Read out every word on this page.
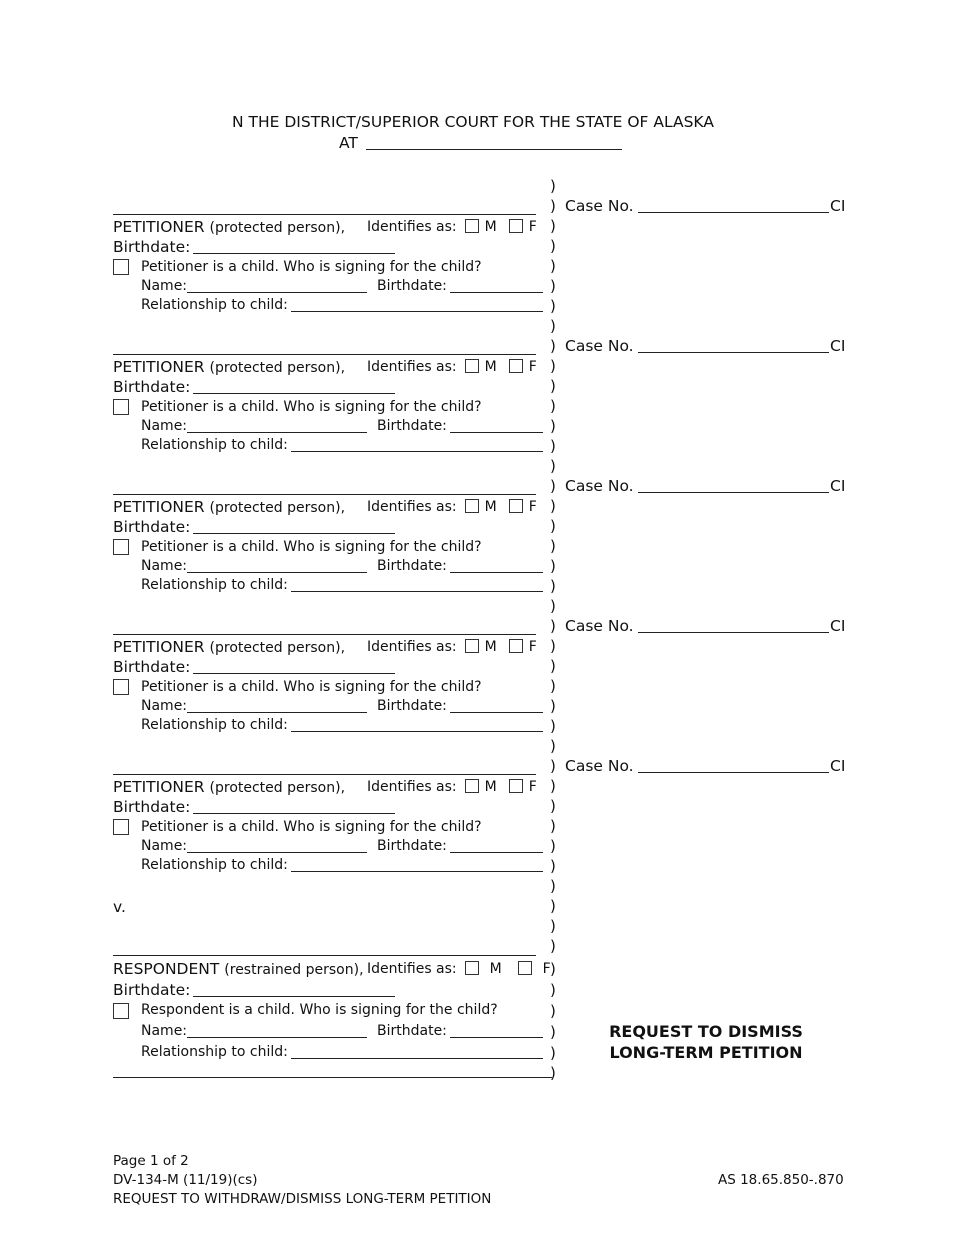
N THE DISTRICT/SUPERIOR COURT FOR THE STATE OF ALASKA
AT
PETITIONER (protected person), Identifies as: M F
Birthdate:
Petitioner is a child. Who is signing for the child?
Name:	Birthdate:
Relationship to child:
Case No.	CI
PETITIONER (protected person), Identifies as: M F
Birthdate:
Petitioner is a child. Who is signing for the child?
Name:	Birthdate:
Relationship to child:
Case No.	CI
PETITIONER (protected person), Identifies as: M F
Birthdate:
Petitioner is a child. Who is signing for the child?
Name:	Birthdate:
Relationship to child:
Case No.	CI
PETITIONER (protected person), Identifies as: M F
Birthdate:
Petitioner is a child. Who is signing for the child?
Name:	Birthdate:
Relationship to child:
Case No.	CI
PETITIONER (protected person), Identifies as: M F
Birthdate:
Petitioner is a child. Who is signing for the child?
Name:	Birthdate:
Relationship to child:
Case No.	CI
v.
RESPONDENT (restrained person), Identifies as: M	F
Birthdate:
Respondent is a child. Who is signing for the child?
Name:	Birthdate:
Relationship to child:
)
)
)
)
)
)
)
)
)
)
)
)
)
)
)
)
)
)
)
)
)
)
)
)
)
)
)
)
)
)
)
)
)
)
)
)
)
)
)
)
)
)
)
)
)
REQUEST TO DISMISS
LONG-TERM PETITION
Page 1 of 2
DV-134-M (11/19)(cs)
REQUEST TO WITHDRAW/DISMISS LONG-TERM PETITION
AS 18.65.850-.870
